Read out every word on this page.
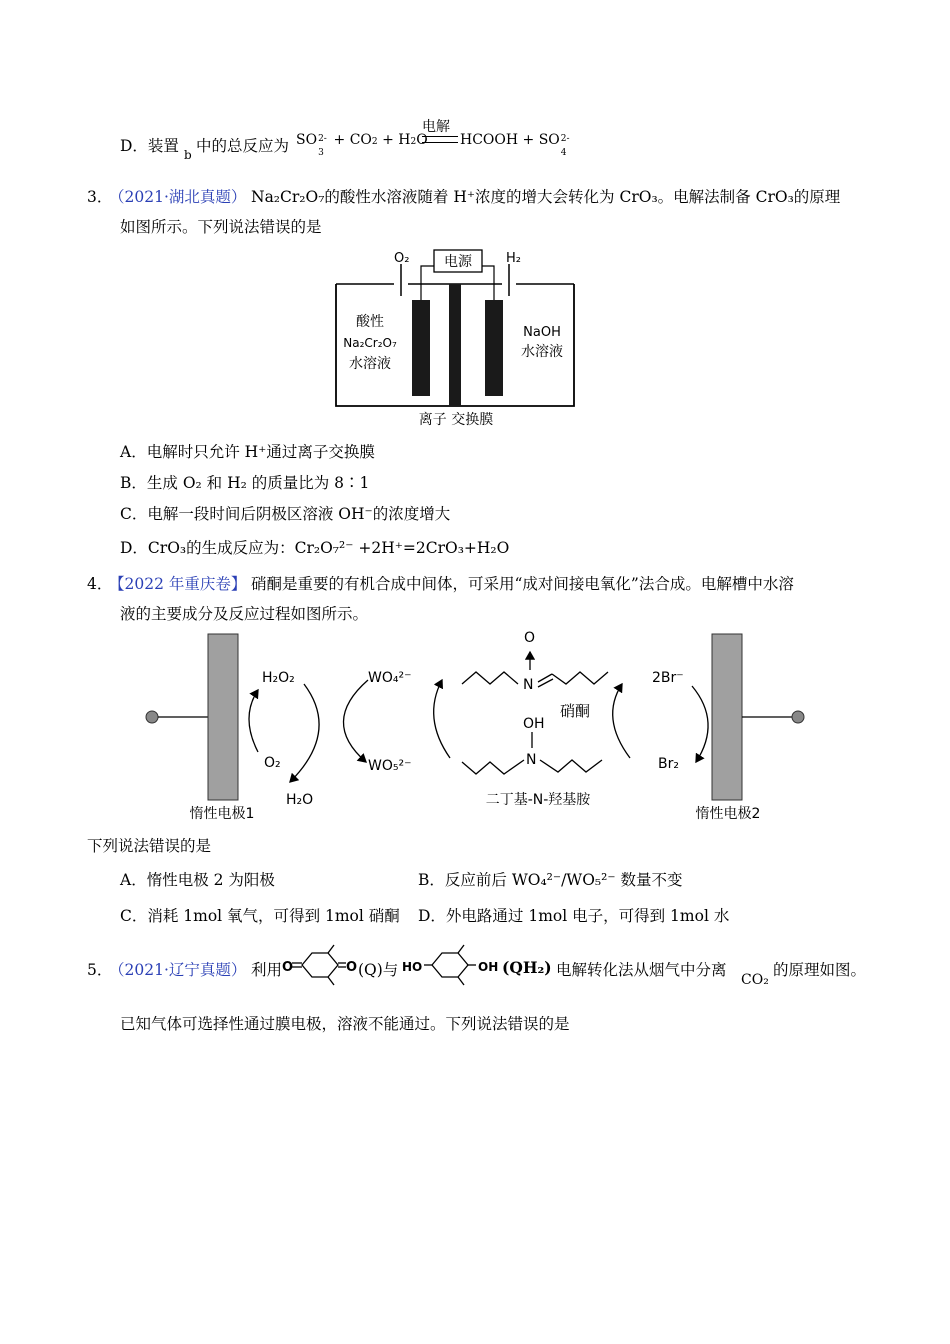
D．装置 b 中的总反应为 SO 2-
3
+ CO2 + H2O
电解
HCOOH + SO 2-
4
3．
（2021·湖北真题） Na₂Cr₂O₇的酸性水溶液随着 H⁺浓度的增大会转化为 CrO₃。电解法制备 CrO₃的原理
如图所示。下列说法错误的是
电源
O₂	H₂
酸性
Na₂Cr₂O₇
水溶液
NaOH
水溶液
离子 交换膜
A．电解时只允许 H⁺通过离子交换膜
B．生成 O₂ 和 H₂ 的质量比为 8∶1
C．电解一段时间后阴极区溶液 OH⁻的浓度增大
D．CrO₃的生成反应为：Cr₂O₇²⁻ +2H⁺=2CrO₃+H₂O
4．
【2022 年重庆卷】 硝酮是重要的有机合成中间体，可采用“成对间接电氧化”法合成。电解槽中水溶
液的主要成分及反应过程如图所示。
惰性电极1	惰性电极2
H₂O₂
O₂
H₂O
WO₄²⁻
WO₅²⁻
N
O
硝酮
OH
N
二丁基-N-羟基胺
2Br⁻
Br₂
下列说法错误的是
A．惰性电极 2 为阳极	B．反应前后 WO₄²⁻/WO₅²⁻ 数量不变
C．消耗 1mol 氧气，可得到 1mol 硝酮 D．外电路通过 1mol 电子，可得到 1mol 水
5．
（2021·辽宁真题） 利用 O	O (Q)与 HO	OH (QH₂) 电解转化法从烟气中分离
CO₂
的原理如图。
已知气体可选择性通过膜电极，溶液不能通过。下列说法错误的是
